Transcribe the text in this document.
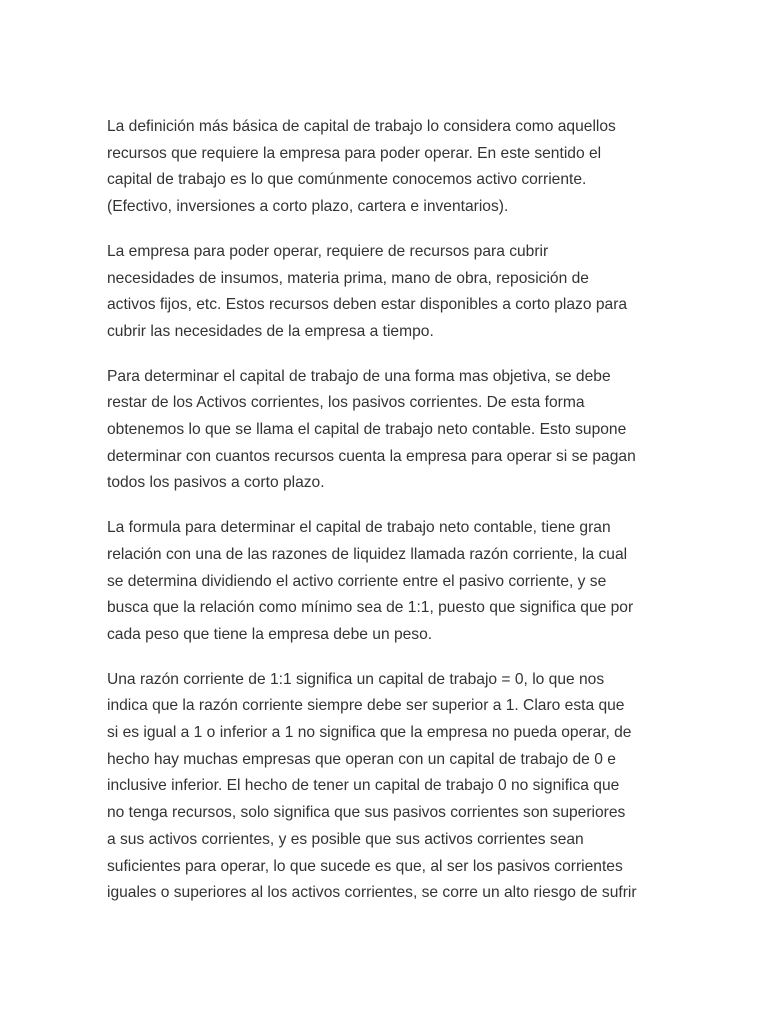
La definición más básica de capital de trabajo lo considera como aquellos
recursos que requiere la empresa para poder operar. En este sentido el
capital de trabajo es lo que comúnmente conocemos activo corriente.
(Efectivo, inversiones a corto plazo, cartera e inventarios).

La empresa para poder operar, requiere de recursos para cubrir
necesidades de insumos, materia prima, mano de obra, reposición de
activos fijos, etc. Estos recursos deben estar disponibles a corto plazo para
cubrir las necesidades de la empresa a tiempo.

Para determinar el capital de trabajo de una forma mas objetiva, se debe
restar de los Activos corrientes, los pasivos corrientes. De esta forma
obtenemos lo que se llama el capital de trabajo neto contable. Esto supone
determinar con cuantos recursos cuenta la empresa para operar si se pagan
todos los pasivos a corto plazo.

La formula para determinar el capital de trabajo neto contable, tiene gran
relación con una de las razones de liquidez llamada razón corriente, la cual
se determina dividiendo el activo corriente entre el pasivo corriente, y se
busca que la relación como mínimo sea de 1:1, puesto que significa que por
cada peso que tiene la empresa debe un peso.

Una razón corriente de 1:1 significa un capital de trabajo = 0, lo que nos
indica que la razón corriente siempre debe ser superior a 1. Claro esta que
si es igual a 1 o inferior a 1 no significa que la empresa no pueda operar, de
hecho hay muchas empresas que operan con un capital de trabajo de 0 e
inclusive inferior. El hecho de tener un capital de trabajo 0 no significa que
no tenga recursos, solo significa que sus pasivos corrientes son superiores
a sus activos corrientes, y es posible que sus activos corrientes sean
suficientes para operar, lo que sucede es que, al ser los pasivos corrientes
iguales o superiores al los activos corrientes, se corre un alto riesgo de sufrir
